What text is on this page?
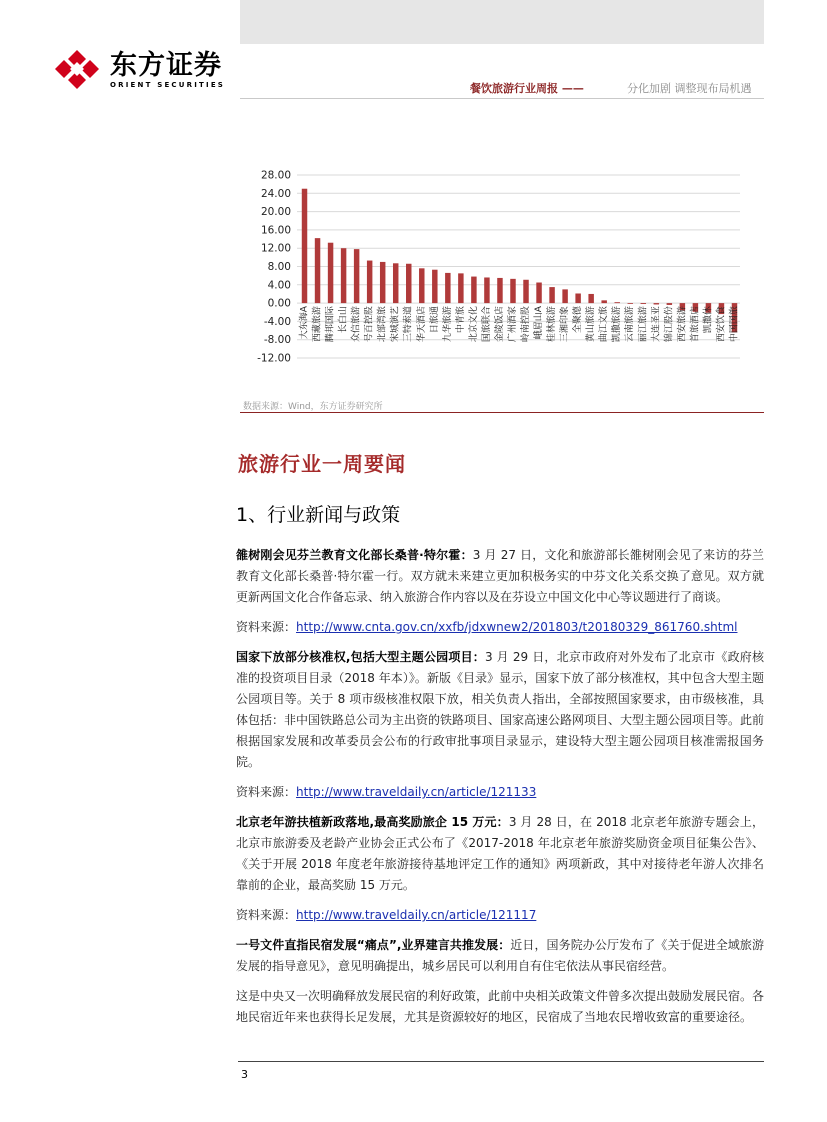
东方证券
ORIENT SECURITIES	餐饮旅游行业周报 ——	分化加剧 调整现布局机遇
28.00
24.00
20.00
16.00
12.00
8.00
4.00
0.00
-4.00
-8.00
-12.00
大东海A 西藏旅游 腾邦国际 长白山 众信旅游 号百控股 北部湾旅 宋城演艺 三特索道 华天酒店 日旅通 九华旅游 中青旅 北京文化 国旅联合 金陵饭店 广州酒家 岭南控股 峨眉山A 桂林旅游 三湘印象 全聚德 黄山旅游 曲江文旅 凯撒旅游 云南旅游 丽江旅游 大连圣亚 锦江股份 西安旅游 首旅酒店 凯撒休 西安饮食 中国国旅
数据来源：Wind，东方证券研究所
旅游行业一周要闻
1、行业新闻与政策

雒树刚会见芬兰教育文化部长桑普·特尔霍：3 月 27 日，文化和旅游部长雒树刚会见了来访的芬兰教育文化部长桑普·特尔霍一行。双方就未来建立更加积极务实的中芬文化关系交换了意见。双方就更新两国文化合作备忘录、纳入旅游合作内容以及在芬设立中国文化中心等议题进行了商谈。

资料来源：http://www.cnta.gov.cn/xxfb/jdxwnew2/201803/t20180329_861760.shtml

国家下放部分核准权,包括大型主题公园项目：3 月 29 日，北京市政府对外发布了北京市《政府核准的投资项目目录（2018 年本）》。新版《目录》显示，国家下放了部分核准权，其中包含大型主题公园项目等。关于 8 项市级核准权限下放，相关负责人指出，全部按照国家要求，由市级核准，具体包括：非中国铁路总公司为主出资的铁路项目、国家高速公路网项目、大型主题公园项目等。此前根据国家发展和改革委员会公布的行政审批事项目录显示，建设特大型主题公园项目核准需报国务院。

资料来源：http://www.traveldaily.cn/article/121133

北京老年游扶植新政落地,最高奖励旅企 15 万元：3 月 28 日，在 2018 北京老年旅游专题会上，北京市旅游委及老龄产业协会正式公布了《2017-2018 年北京老年旅游奖励资金项目征集公告》、《关于开展 2018 年度老年旅游接待基地评定工作的通知》两项新政，其中对接待老年游人次排名靠前的企业，最高奖励 15 万元。

资料来源：http://www.traveldaily.cn/article/121117

一号文件直指民宿发展“痛点”,业界建言共推发展：近日，国务院办公厅发布了《关于促进全域旅游发展的指导意见》，意见明确提出，城乡居民可以利用自有住宅依法从事民宿经营。

这是中央又一次明确释放发展民宿的利好政策，此前中央相关政策文件曾多次提出鼓励发展民宿。各地民宿近年来也获得长足发展，尤其是资源较好的地区，民宿成了当地农民增收致富的重要途径。

3
